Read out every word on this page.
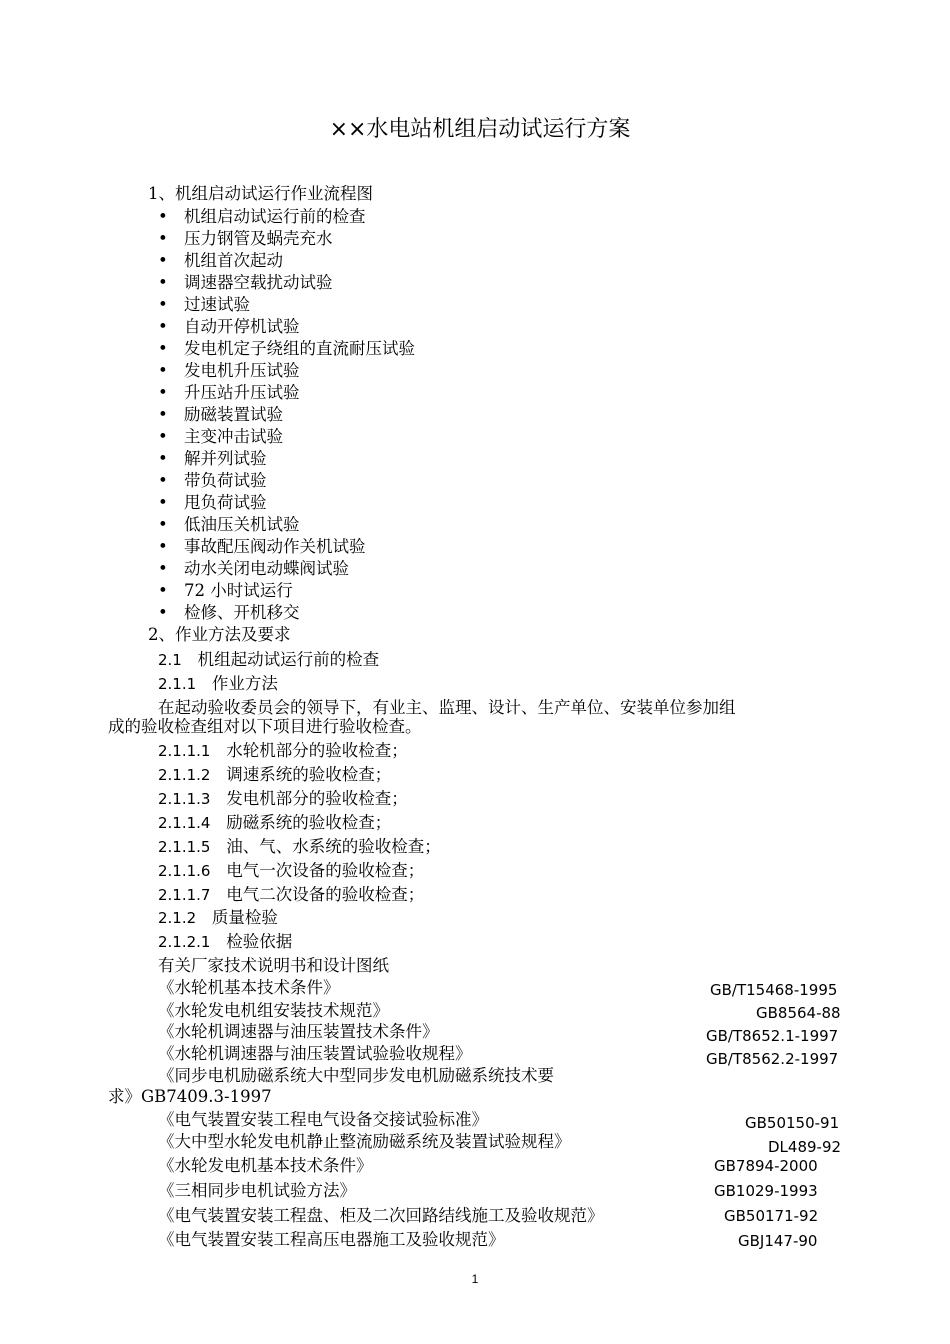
××水电站机组启动试运行方案
1、机组启动试运行作业流程图
• 机组启动试运行前的检查
• 压力钢管及蜗壳充水
• 机组首次起动
• 调速器空载扰动试验
• 过速试验
• 自动开停机试验
• 发电机定子绕组的直流耐压试验
• 发电机升压试验
• 升压站升压试验
• 励磁装置试验
• 主变冲击试验
• 解并列试验
• 带负荷试验
• 甩负荷试验
• 低油压关机试验
• 事故配压阀动作关机试验
• 动水关闭电动蝶阀试验
• 72 小时试运行
• 检修、开机移交
2、作业方法及要求
2.1 机组起动试运行前的检查
2.1.1 作业方法
在起动验收委员会的领导下，有业主、监理、设计、生产单位、安装单位参加组
成的验收检查组对以下项目进行验收检查。
2.1.1.1 水轮机部分的验收检查；
2.1.1.2 调速系统的验收检查；
2.1.1.3 发电机部分的验收检查；
2.1.1.4 励磁系统的验收检查；
2.1.1.5 油、气、水系统的验收检查；
2.1.1.6 电气一次设备的验收检查；
2.1.1.7 电气二次设备的验收检查；
2.1.2 质量检验
2.1.2.1 检验依据
有关厂家技术说明书和设计图纸
《水轮机基本技术条件》	GB/T15468-1995
《水轮发电机组安装技术规范》	GB8564-88
《水轮机调速器与油压装置技术条件》	GB/T8652.1-1997
《水轮机调速器与油压装置试验验收规程》	GB/T8562.2-1997
《同步电机励磁系统大中型同步发电机励磁系统技术要
求》GB7409.3-1997
《电气装置安装工程电气设备交接试验标准》	GB50150-91
《大中型水轮发电机静止整流励磁系统及装置试验规程》	DL489-92
《水轮发电机基本技术条件》	GB7894-2000
《三相同步电机试验方法》	GB1029-1993
《电气装置安装工程盘、柜及二次回路结线施工及验收规范》	GB50171-92
《电气装置安装工程高压电器施工及验收规范》	GBJ147-90
1
